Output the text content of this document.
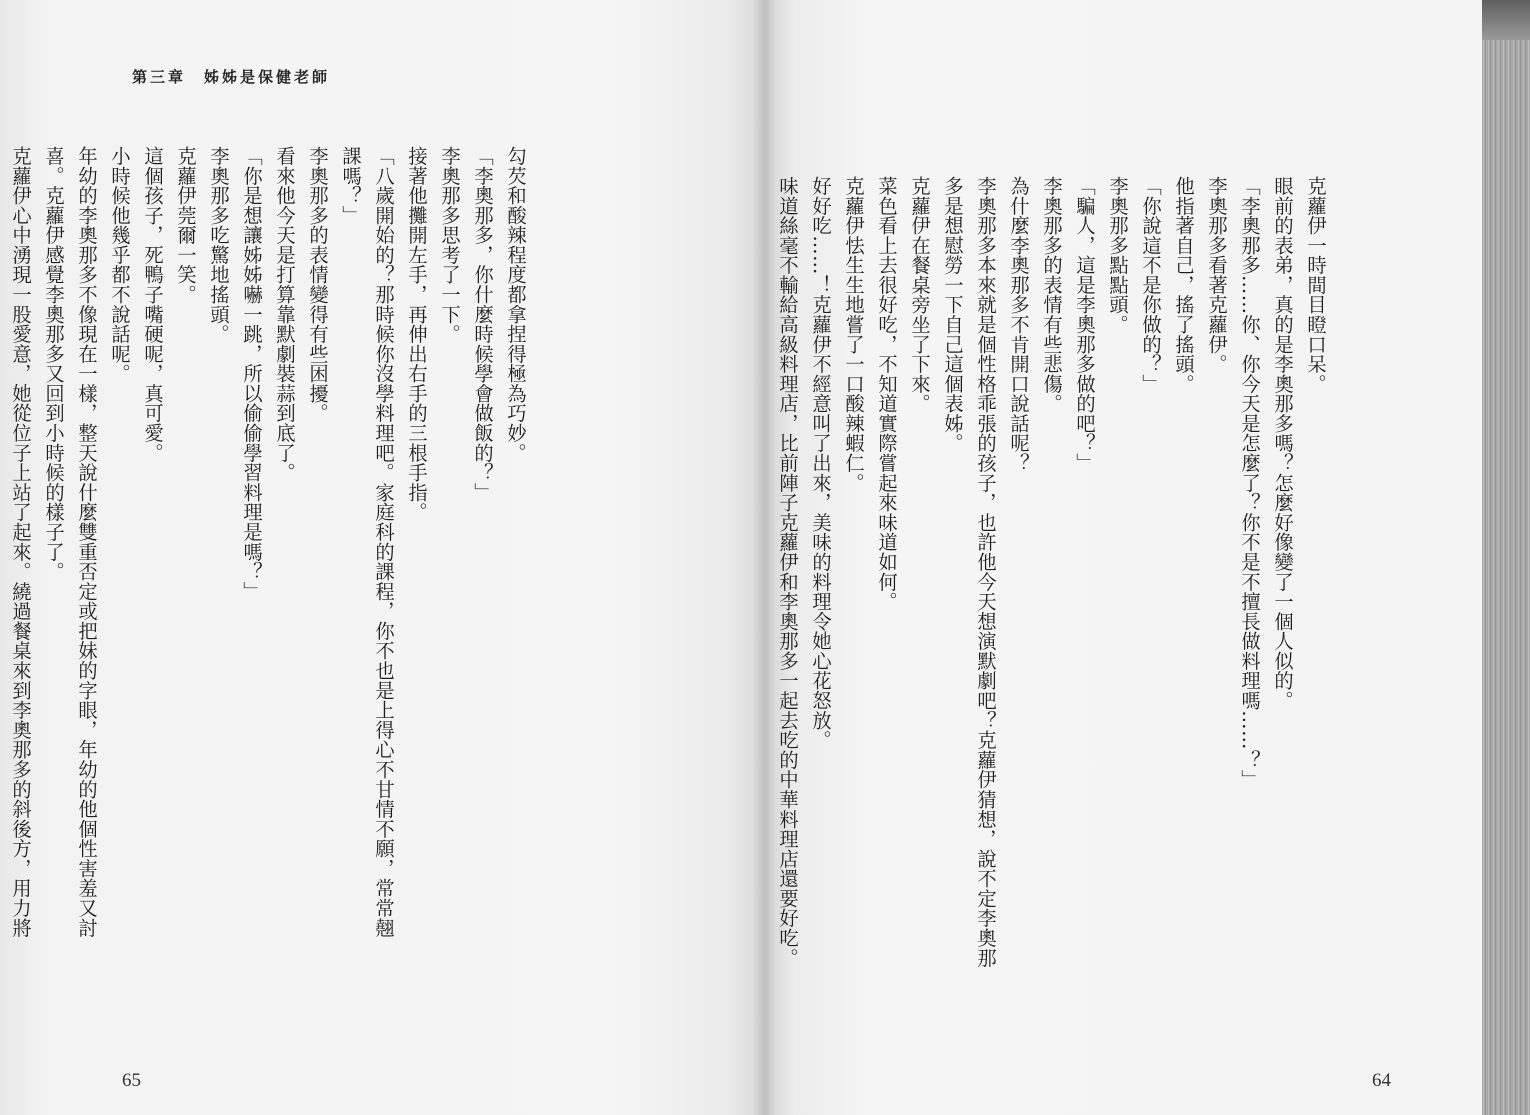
第三章　姊姊是保健老師
勾芡和酸辣程度都拿捏得極為巧妙。
「李奧那多，你什麼時候學會做飯的？」
李奧那多思考了一下。
接著他攤開左手，再伸出右手的三根手指。
「八歲開始的？那時候你沒學料理吧。家庭科的課程，你不也是上得心不甘情不願，常常翹
課嗎？」
李奧那多的表情變得有些困擾。
看來他今天是打算靠默劇裝蒜到底了。
「你是想讓姊姊嚇一跳，所以偷偷學習料理是嗎？」
李奧那多吃驚地搖頭。
克蘿伊莞爾一笑。
這個孩子，死鴨子嘴硬呢，真可愛。
小時候他幾乎都不說話呢。
年幼的李奧那多不像現在一樣，整天說什麼雙重否定或把妹的字眼，年幼的他個性害羞又討
喜。克蘿伊感覺李奧那多又回到小時候的樣子了。
克蘿伊心中湧現一股愛意，她從位子上站了起來。繞過餐桌來到李奧那多的斜後方，用力將
65
克蘿伊一時間目瞪口呆。
眼前的表弟，真的是李奧那多嗎？怎麼好像變了一個人似的。
「李奧那多……你、你今天是怎麼了？你不是不擅長做料理嗎……？」
李奧那多看著克蘿伊。
他指著自己，搖了搖頭。
「你說這不是你做的？」
李奧那多點點頭。
「騙人，這是李奧那多做的吧？」
李奧那多的表情有些悲傷。
為什麼李奧那多不肯開口說話呢？
李奧那多本來就是個性格乖張的孩子，也許他今天想演默劇吧？克蘿伊猜想，說不定李奧那
多是想慰勞一下自己這個表姊。
克蘿伊在餐桌旁坐了下來。
菜色看上去很好吃，不知道實際嘗起來味道如何。
克蘿伊怯生生地嘗了一口酸辣蝦仁。
好好吃……！克蘿伊不經意叫了出來，美味的料理令她心花怒放。
味道絲毫不輸給高級料理店，比前陣子克蘿伊和李奧那多一起去吃的中華料理店還要好吃。
64
